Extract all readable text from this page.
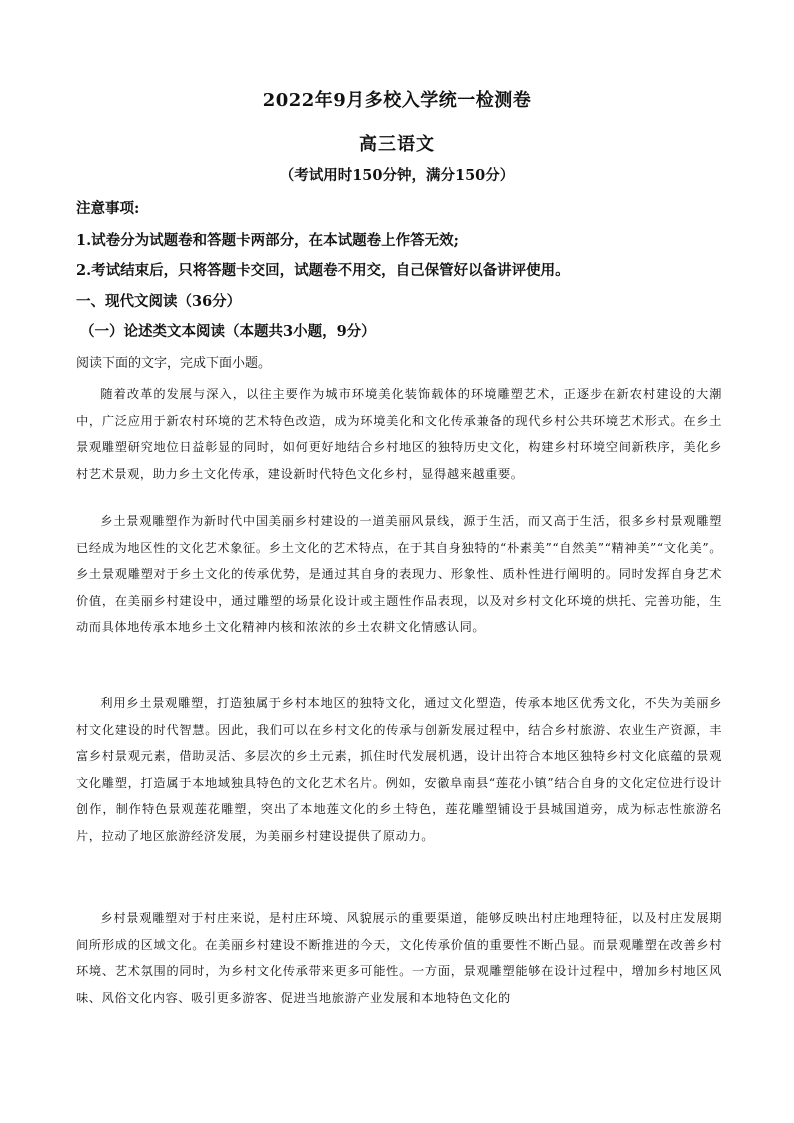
2022年9月多校入学统一检测卷
高三语文
（考试用时150分钟，满分150分）
注意事项:
1.试卷分为试题卷和答题卡两部分，在本试题卷上作答无效;
2.考试结束后，只将答题卡交回，试题卷不用交，自己保管好以备讲评使用。
一、现代文阅读（36分）
（一）论述类文本阅读（本题共3小题，9分）
阅读下面的文字，完成下面小题。

随着改革的发展与深入，以往主要作为城市环境美化装饰载体的环境雕塑艺术，正逐步在新农村建设的大潮中，广泛应用于新农村环境的艺术特色改造，成为环境美化和文化传承兼备的现代乡村公共环境艺术形式。在乡土景观雕塑研究地位日益彰显的同时，如何更好地结合乡村地区的独特历史文化，构建乡村环境空间新秩序，美化乡村艺术景观，助力乡土文化传承，建设新时代特色文化乡村，显得越来越重要。

乡土景观雕塑作为新时代中国美丽乡村建设的一道美丽风景线，源于生活，而又高于生活，很多乡村景观雕塑已经成为地区性的文化艺术象征。乡土文化的艺术特点，在于其自身独特的“朴素美”“自然美”“精神美”“文化美”。乡土景观雕塑对于乡土文化的传承优势，是通过其自身的表现力、形象性、质朴性进行阐明的。同时发挥自身艺术价值，在美丽乡村建设中，通过雕塑的场景化设计或主题性作品表现，以及对乡村文化环境的烘托、完善功能，生动而具体地传承本地乡土文化精神内核和浓浓的乡土农耕文化情感认同。

利用乡土景观雕塑，打造独属于乡村本地区的独特文化，通过文化塑造，传承本地区优秀文化，不失为美丽乡村文化建设的时代智慧。因此，我们可以在乡村文化的传承与创新发展过程中，结合乡村旅游、农业生产资源，丰富乡村景观元素，借助灵活、多层次的乡土元素，抓住时代发展机遇，设计出符合本地区独特乡村文化底蕴的景观文化雕塑，打造属于本地域独具特色的文化艺术名片。例如，安徽阜南县“莲花小镇”结合自身的文化定位进行设计创作，制作特色景观莲花雕塑，突出了本地莲文化的乡土特色，莲花雕塑铺设于县城国道旁，成为标志性旅游名片，拉动了地区旅游经济发展，为美丽乡村建设提供了原动力。

乡村景观雕塑对于村庄来说，是村庄环境、风貌展示的重要渠道，能够反映出村庄地理特征，以及村庄发展期间所形成的区域文化。在美丽乡村建设不断推进的今天，文化传承价值的重要性不断凸显。而景观雕塑在改善乡村环境、艺术氛围的同时，为乡村文化传承带来更多可能性。一方面，景观雕塑能够在设计过程中，增加乡村地区风味、风俗文化内容、吸引更多游客、促进当地旅游产业发展和本地特色文化的
